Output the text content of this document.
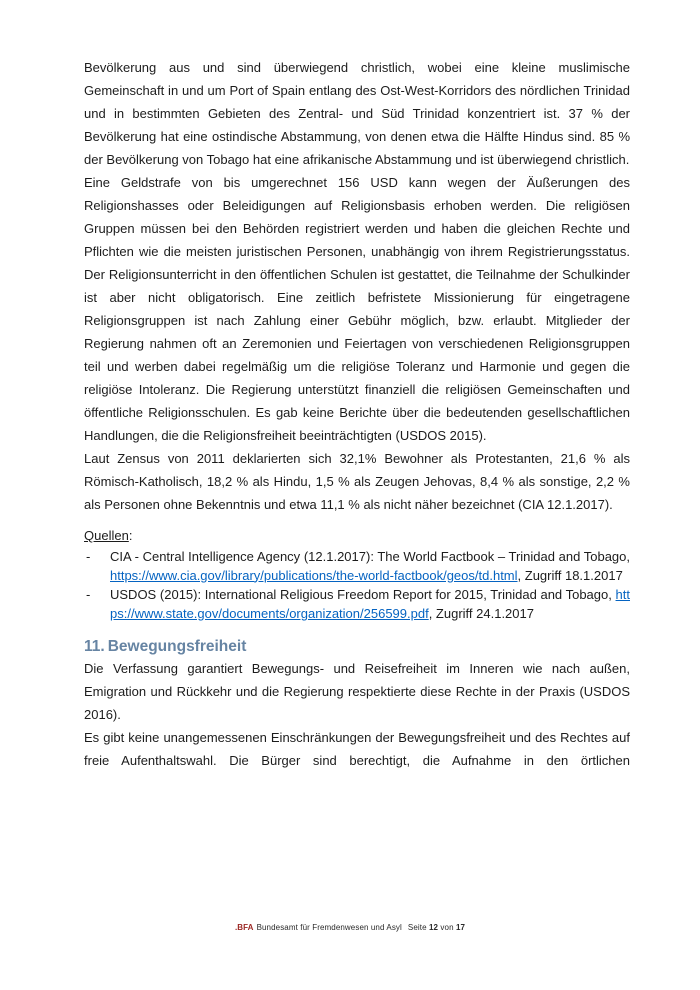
Bevölkerung aus und sind überwiegend christlich, wobei eine kleine muslimische Gemeinschaft in und um Port of Spain entlang des Ost-West-Korridors des nördlichen Trinidad und in bestimmten Gebieten des Zentral- und Süd Trinidad konzentriert ist. 37 % der Bevölkerung hat eine ostindische Abstammung, von denen etwa die Hälfte Hindus sind. 85 % der Bevölkerung von Tobago hat eine afrikanische Abstammung und ist überwiegend christlich.

Eine Geldstrafe von bis umgerechnet 156 USD kann wegen der Äußerungen des Religionshasses oder Beleidigungen auf Religionsbasis erhoben werden. Die religiösen Gruppen müssen bei den Behörden registriert werden und haben die gleichen Rechte und Pflichten wie die meisten juristischen Personen, unabhängig von ihrem Registrierungsstatus. Der Religionsunterricht in den öffentlichen Schulen ist gestattet, die Teilnahme der Schulkinder ist aber nicht obligatorisch. Eine zeitlich befristete Missionierung für eingetragene Religionsgruppen ist nach Zahlung einer Gebühr möglich, bzw. erlaubt. Mitglieder der Regierung nahmen oft an Zeremonien und Feiertagen von verschiedenen Religionsgruppen teil und werben dabei regelmäßig um die religiöse Toleranz und Harmonie und gegen die religiöse Intoleranz. Die Regierung unterstützt finanziell die religiösen Gemeinschaften und öffentliche Religionsschulen. Es gab keine Berichte über die bedeutenden gesellschaftlichen Handlungen, die die Religionsfreiheit beeinträchtigten (USDOS 2015).

Laut Zensus von 2011 deklarierten sich 32,1% Bewohner als Protestanten, 21,6 % als Römisch-Katholisch, 18,2 % als Hindu, 1,5 % als Zeugen Jehovas, 8,4 % als sonstige, 2,2 % als Personen ohne Bekenntnis und etwa 11,1 % als nicht näher bezeichnet (CIA 12.1.2017).

Quellen:

-	CIA - Central Intelligence Agency (12.1.2017): The World Factbook – Trinidad and Tobago, https://www.cia.gov/library/publications/the-world-factbook/geos/td.html, Zugriff 18.1.2017
-	USDOS (2015): International Religious Freedom Report for 2015, Trinidad and Tobago, https://www.state.gov/documents/organization/256599.pdf, Zugriff 24.1.2017
11. Bewegungsfreiheit

Die Verfassung garantiert Bewegungs- und Reisefreiheit im Inneren wie nach außen, Emigration und Rückkehr und die Regierung respektierte diese Rechte in der Praxis (USDOS 2016).

Es gibt keine unangemessenen Einschränkungen der Bewegungsfreiheit und des Rechtes auf freie Aufenthaltswahl. Die Bürger sind berechtigt, die Aufnahme in den örtlichen

.BFA Bundesamt für Fremdenwesen und Asyl Seite 12 von 17
